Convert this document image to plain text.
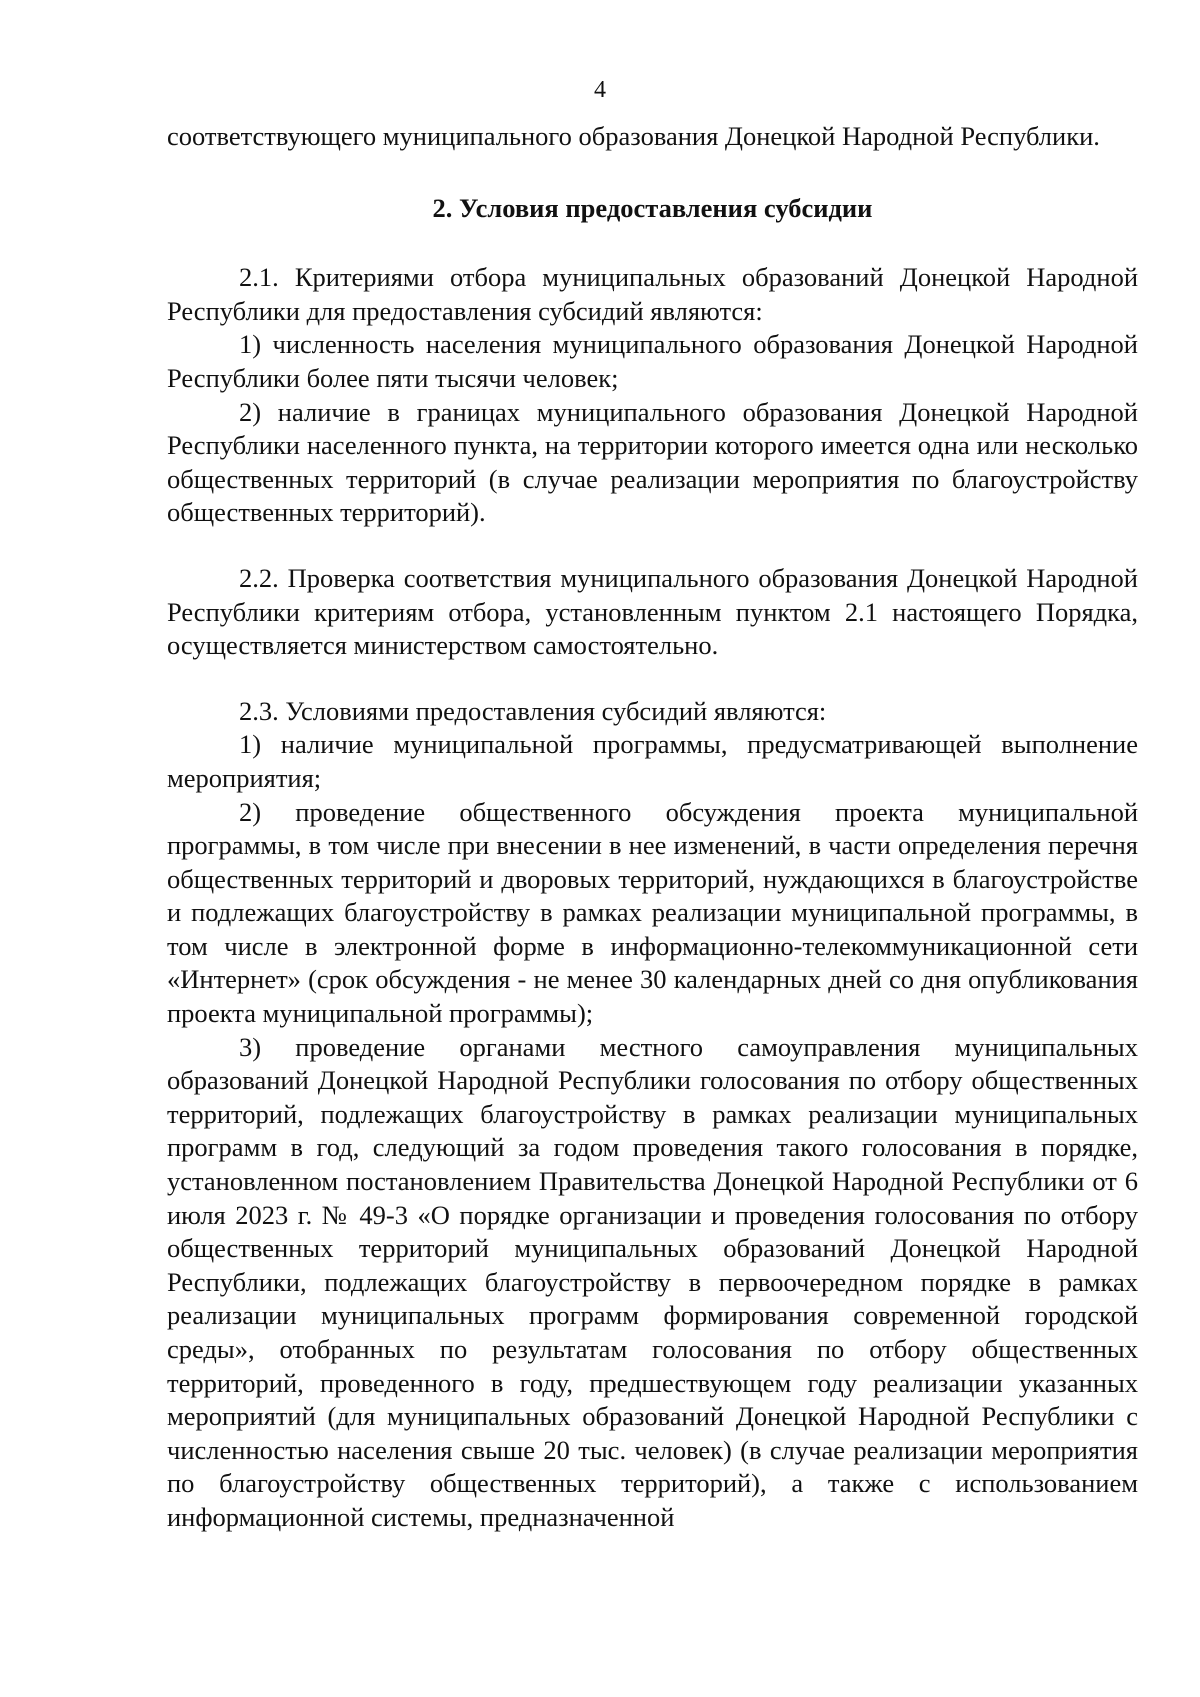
4

соответствующего муниципального образования Донецкой Народной Республики.

2. Условия предоставления субсидии

2.1. Критериями отбора муниципальных образований Донецкой Народной Республики для предоставления субсидий являются:

1) численность населения муниципального образования Донецкой Народной Республики более пяти тысячи человек;

2) наличие в границах муниципального образования Донецкой Народной Республики населенного пункта, на территории которого имеется одна или несколько общественных территорий (в случае реализации мероприятия по благоустройству общественных территорий).

2.2. Проверка соответствия муниципального образования Донецкой Народной Республики критериям отбора, установленным пунктом 2.1 настоящего Порядка, осуществляется министерством самостоятельно.

2.3. Условиями предоставления субсидий являются:

1) наличие муниципальной программы, предусматривающей выполнение мероприятия;

2) проведение общественного обсуждения проекта муниципальной программы, в том числе при внесении в нее изменений, в части определения перечня общественных территорий и дворовых территорий, нуждающихся в благоустройстве и подлежащих благоустройству в рамках реализации муниципальной программы, в том числе в электронной форме в информационно-телекоммуникационной сети «Интернет» (срок обсуждения - не менее 30 календарных дней со дня опубликования проекта муниципальной программы);

3) проведение органами местного самоуправления муниципальных образований Донецкой Народной Республики голосования по отбору общественных территорий, подлежащих благоустройству в рамках реализации муниципальных программ в год, следующий за годом проведения такого голосования в порядке, установленном постановлением Правительства Донецкой Народной Республики от 6 июля 2023 г. № 49-3 «О порядке организации и проведения голосования по отбору общественных территорий муниципальных образований Донецкой Народной Республики, подлежащих благоустройству в первоочередном порядке в рамках реализации муниципальных программ формирования современной городской среды», отобранных по результатам голосования по отбору общественных территорий, проведенного в году, предшествующем году реализации указанных мероприятий (для муниципальных образований Донецкой Народной Республики с численностью населения свыше 20 тыс. человек) (в случае реализации мероприятия по благоустройству общественных территорий), а также с использованием информационной системы, предназначенной
